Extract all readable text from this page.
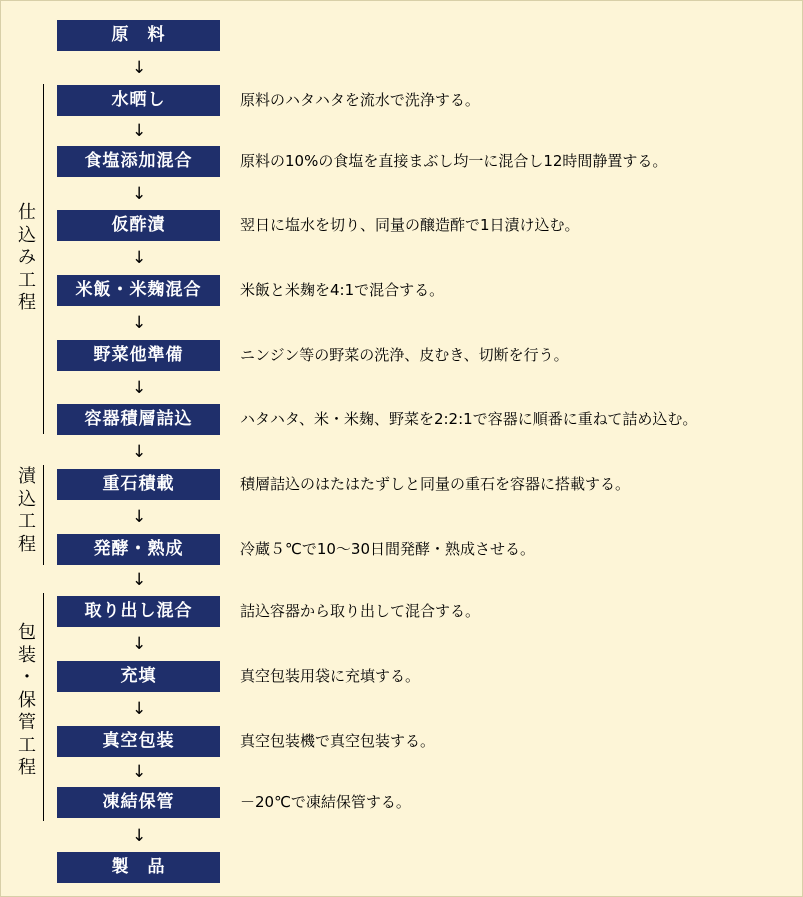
仕
込
み
工
程
漬
込
工
程
包
装
・
保
管
工
程
原　料
水晒し
食塩添加混合
仮酢漬
米飯・米麹混合
野菜他準備
容器積層詰込
重石積載
発酵・熟成
取り出し混合
充填
真空包装
凍結保管
製　品
原料のハタハタを流水で洗浄する。
原料の10%の食塩を直接まぶし均一に混合し12時間静置する。
翌日に塩水を切り、同量の醸造酢で1日漬け込む。
米飯と米麹を4:1で混合する。
ニンジン等の野菜の洗浄、皮むき、切断を行う。
ハタハタ、米・米麹、野菜を2:2:1で容器に順番に重ねて詰め込む。
積層詰込のはたはたずしと同量の重石を容器に搭載する。
冷蔵５℃で10～30日間発酵・熟成させる。
詰込容器から取り出して混合する。
真空包装用袋に充填する。
真空包装機で真空包装する。
－20℃で凍結保管する。
↓
↓
↓
↓
↓
↓
↓
↓
↓
↓
↓
↓
↓
